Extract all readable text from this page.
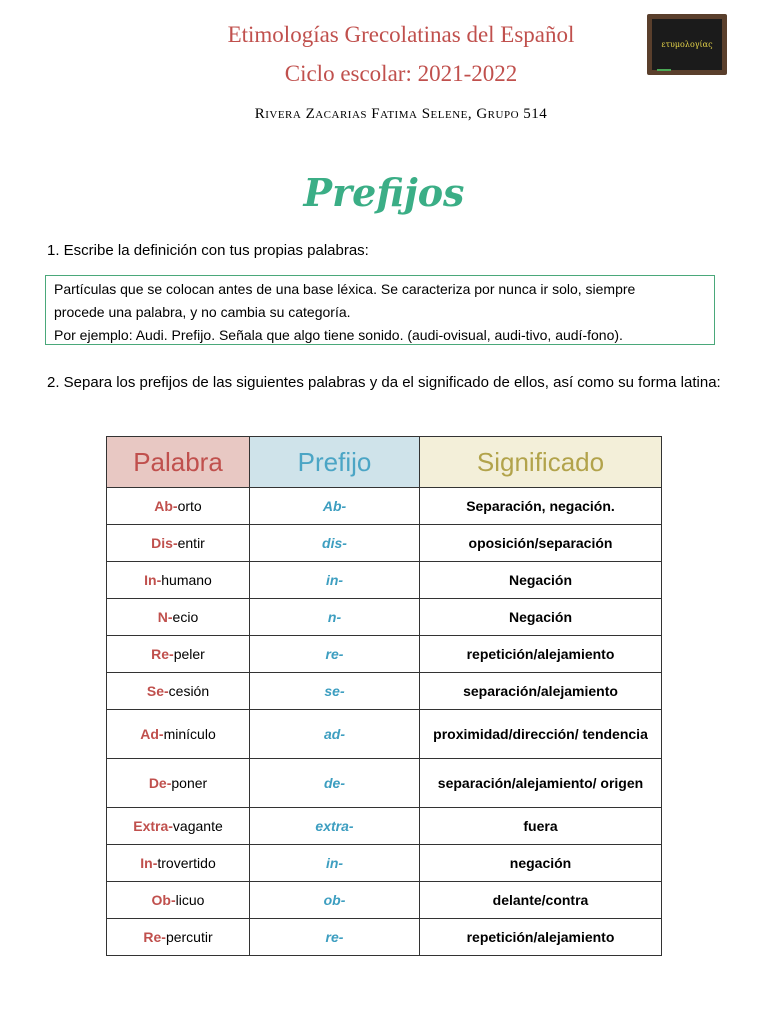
Etimologías Grecolatinas del Español
Ciclo escolar: 2021-2022
Rivera Zacarias Fatima Selene, Grupo 514
ετυμολογίας
Prefijos
1. Escribe la definición con tus propias palabras:
Partículas que se colocan antes de una base léxica. Se caracteriza por nunca ir solo, siempre
procede una palabra, y no cambia su categoría.
Por ejemplo: Audi. Prefijo. Señala que algo tiene sonido. (audi-ovisual, audi-tivo, audí-fono).
2. Separa los prefijos de las siguientes palabras y da el significado de ellos, así como su forma latina:
Palabra	Prefijo	Significado
Ab-orto	Ab-	Separación, negación.
Dis-entir	dis-	oposición/separación
In-humano	in-	Negación
N-ecio	n-	Negación
Re-peler	re-	repetición/alejamiento
Se-cesión	se-	separación/alejamiento
Ad-minículo	ad-	proximidad/dirección/ tendencia
De-poner	de-	separación/alejamiento/ origen
Extra-vagante	extra-	fuera
In-trovertido	in-	negación
Ob-licuo	ob-	delante/contra
Re-percutir	re-	repetición/alejamiento
